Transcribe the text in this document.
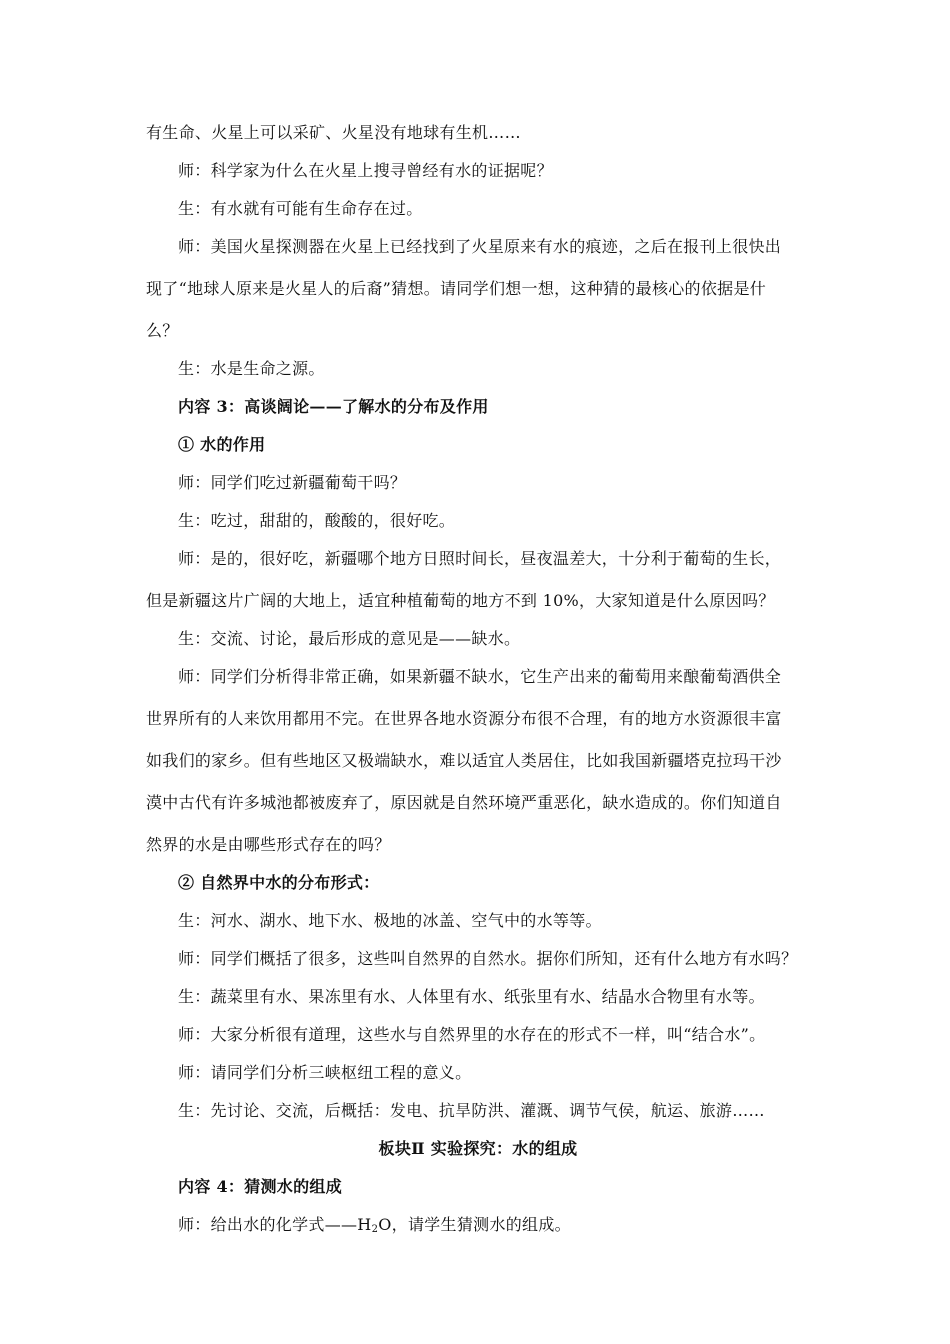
有生命、火星上可以采矿、火星没有地球有生机……
师：科学家为什么在火星上搜寻曾经有水的证据呢？
生：有水就有可能有生命存在过。
师：美国火星探测器在火星上已经找到了火星原来有水的痕迹，之后在报刊上很快出
现了“地球人原来是火星人的后裔”猜想。请同学们想一想，这种猜的最核心的依据是什
么？
生：水是生命之源。
内容 3：高谈阔论——了解水的分布及作用
① 水的作用
师：同学们吃过新疆葡萄干吗？
生：吃过，甜甜的，酸酸的，很好吃。
师：是的，很好吃，新疆哪个地方日照时间长，昼夜温差大，十分利于葡萄的生长，
但是新疆这片广阔的大地上，适宜种植葡萄的地方不到 10%，大家知道是什么原因吗？
生：交流、讨论，最后形成的意见是——缺水。
师：同学们分析得非常正确，如果新疆不缺水，它生产出来的葡萄用来酿葡萄酒供全
世界所有的人来饮用都用不完。在世界各地水资源分布很不合理，有的地方水资源很丰富
如我们的家乡。但有些地区又极端缺水，难以适宜人类居住，比如我国新疆塔克拉玛干沙
漠中古代有许多城池都被废弃了，原因就是自然环境严重恶化，缺水造成的。你们知道自
然界的水是由哪些形式存在的吗？
② 自然界中水的分布形式：
生：河水、湖水、地下水、极地的冰盖、空气中的水等等。
师：同学们概括了很多，这些叫自然界的自然水。据你们所知，还有什么地方有水吗？
生：蔬菜里有水、果冻里有水、人体里有水、纸张里有水、结晶水合物里有水等。
师：大家分析很有道理，这些水与自然界里的水存在的形式不一样，叫“结合水”。
师：请同学们分析三峡枢纽工程的意义。
生：先讨论、交流，后概括：发电、抗旱防洪、灌溉、调节气侯，航运、旅游……
板块Ⅱ 实验探究：水的组成
内容 4：猜测水的组成
师：给出水的化学式$——H_2O$，请学生猜测水的组成。
